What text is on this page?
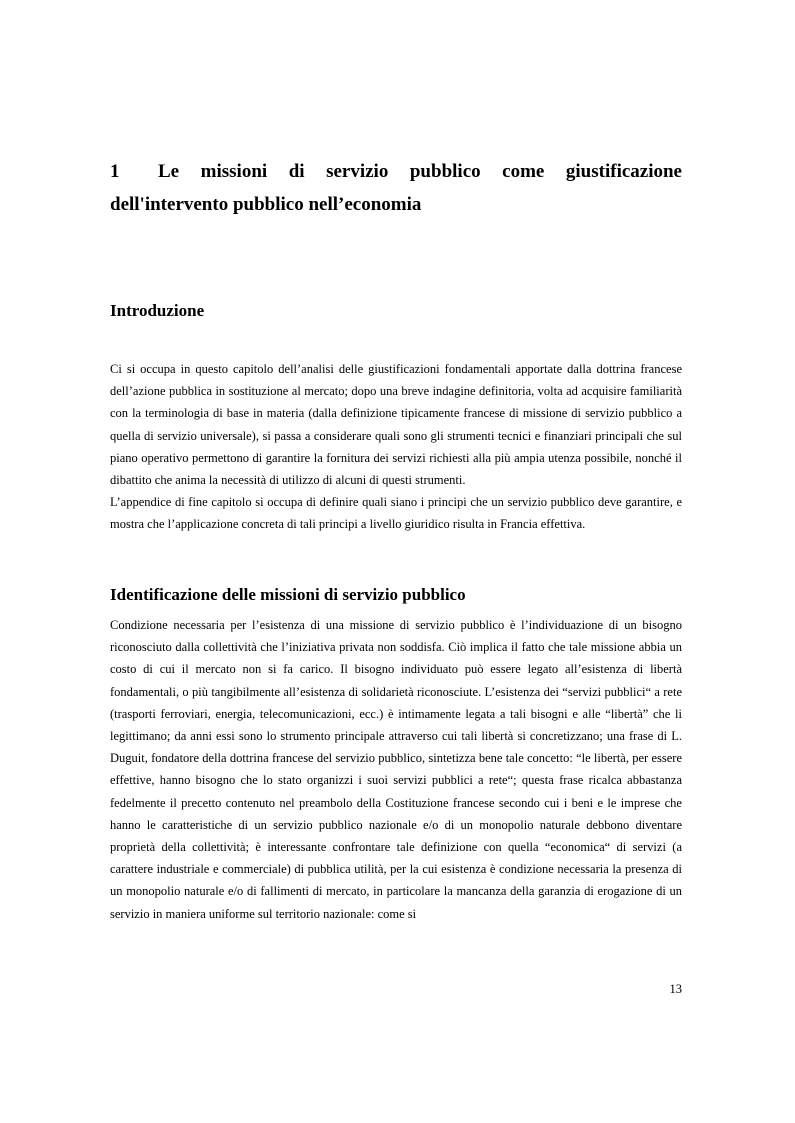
1 Le missioni di servizio pubblico come giustificazione dell'intervento pubblico nell’economia
Introduzione

Ci si occupa in questo capitolo dell’analisi delle giustificazioni fondamentali apportate dalla dottrina francese dell’azione pubblica in sostituzione al mercato; dopo una breve indagine definitoria, volta ad acquisire familiarità con la terminologia di base in materia (dalla definizione tipicamente francese di missione di servizio pubblico a quella di servizio universale), si passa a considerare quali sono gli strumenti tecnici e finanziari principali che sul piano operativo permettono di garantire la fornitura dei servizi richiesti alla più ampia utenza possibile, nonché il dibattito che anima la necessità di utilizzo di alcuni di questi strumenti.

L’appendice di fine capitolo si occupa di definire quali siano i principi che un servizio pubblico deve garantire, e mostra che l’applicazione concreta di tali principi a livello giuridico risulta in Francia effettiva.

Identificazione delle missioni di servizio pubblico

Condizione necessaria per l’esistenza di una missione di servizio pubblico è l’individuazione di un bisogno riconosciuto dalla collettività che l’iniziativa privata non soddisfa. Ciò implica il fatto che tale missione abbia un costo di cui il mercato non si fa carico. Il bisogno individuato può essere legato all’esistenza di libertà fondamentali, o più tangibilmente all’esistenza di solidarietà riconosciute. L’esistenza dei “servizi pubblici“ a rete (trasporti ferroviari, energia, telecomunicazioni, ecc.) è intimamente legata a tali bisogni e alle “libertà” che li legittimano; da anni essi sono lo strumento principale attraverso cui tali libertà si concretizzano; una frase di L. Duguit, fondatore della dottrina francese del servizio pubblico, sintetizza bene tale concetto: “le libertà, per essere effettive, hanno bisogno che lo stato organizzi i suoi servizi pubblici a rete“; questa frase ricalca abbastanza fedelmente il precetto contenuto nel preambolo della Costituzione francese secondo cui i beni e le imprese che hanno le caratteristiche di un servizio pubblico nazionale e/o di un monopolio naturale debbono diventare proprietà della collettività; è interessante confrontare tale definizione con quella “economica“ di servizi (a carattere industriale e commerciale) di pubblica utilità, per la cui esistenza è condizione necessaria la presenza di un monopolio naturale e/o di fallimenti di mercato, in particolare la mancanza della garanzia di erogazione di un servizio in maniera uniforme sul territorio nazionale: come si

13
